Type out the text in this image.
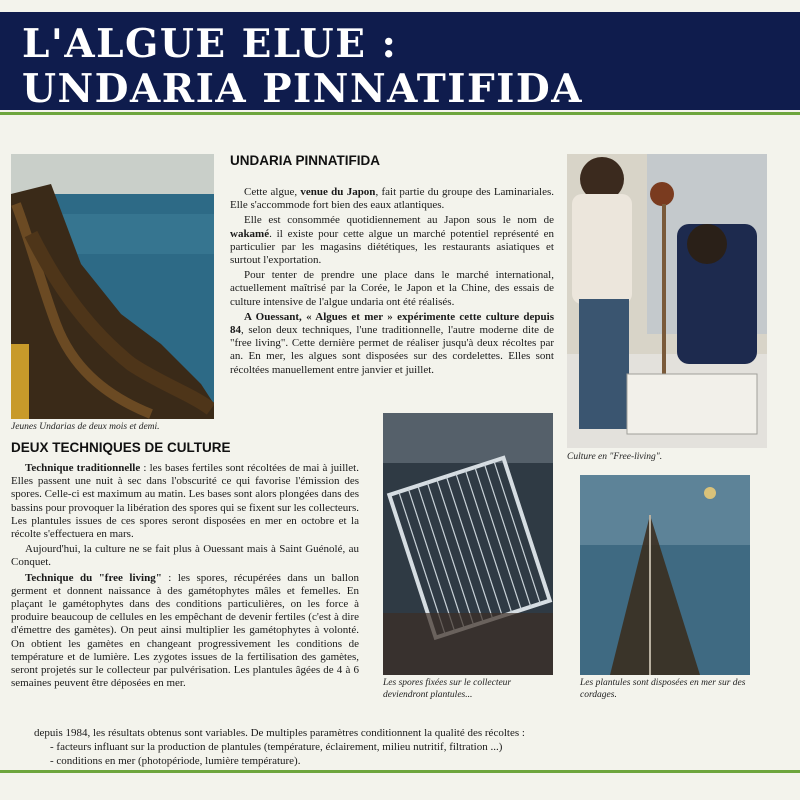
L'ALGUE ELUE :
UNDARIA PINNATIFIDA
Jeunes Undarias de deux mois et demi.
UNDARIA PINNATIFIDA

Cette algue, venue du Japon, fait partie du groupe des Laminariales. Elle s'accommode fort bien des eaux atlantiques.

Elle est consommée quotidiennement au Japon sous le nom de wakamé. il existe pour cette algue un marché potentiel représenté en particulier par les magasins diététiques, les restaurants asiatiques et surtout l'exportation.

Pour tenter de prendre une place dans le marché international, actuellement maîtrisé par la Corée, le Japon et la Chine, des essais de culture intensive de l'algue undaria ont été réalisés.

A Ouessant, « Algues et mer » expérimente cette culture depuis 84, selon deux techniques, l'une traditionnelle, l'autre moderne dite de "free living". Cette dernière permet de réaliser jusqu'à deux récoltes par an. En mer, les algues sont disposées sur des cordelettes. Elles sont récoltées manuellement entre janvier et juillet.

Culture en "Free-living".
DEUX TECHNIQUES DE CULTURE

Technique traditionnelle : les bases fertiles sont récoltées de mai à juillet. Elles passent une nuit à sec dans l'obscurité ce qui favorise l'émission des spores. Celle-ci est maximum au matin. Les bases sont alors plongées dans des bassins pour provoquer la libération des spores qui se fixent sur les collecteurs. Les plantules issues de ces spores seront disposées en mer en octobre et la récolte s'effectuera en mars.

Aujourd'hui, la culture ne se fait plus à Ouessant mais à Saint Guénolé, au Conquet.

Technique du "free living" : les spores, récupérées dans un ballon germent et donnent naissance à des gamétophytes mâles et femelles. En plaçant le gamétophytes dans des conditions particulières, on les force à produire beaucoup de cellules en les empêchant de devenir fertiles (c'est à dire d'émettre des gamètes). On peut ainsi multiplier les gamétophytes à volonté. On obtient les gamètes en changeant progressivement les conditions de température et de lumière. Les zygotes issues de la fertilisation des gamètes, seront projetés sur le collecteur par pulvérisation. Les plantules âgées de 4 à 6 semaines peuvent être déposées en mer.	Les spores fixées sur le collecteur deviendront plantules...
Les plantules sont disposées en mer sur des cordages.
depuis 1984, les résultats obtenus sont variables. De multiples paramètres conditionnent la qualité des récoltes :
- facteurs influant sur la production de plantules (température, éclairement, milieu nutritif, filtration ...)
- conditions en mer (photopériode, lumière température).
